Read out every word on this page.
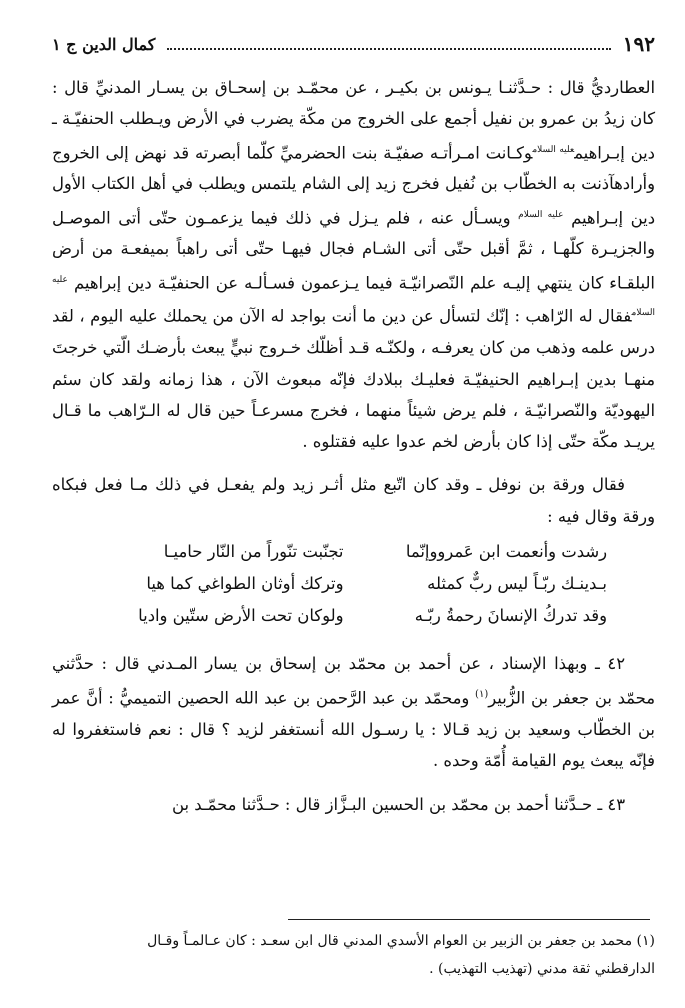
١٩٢
كمال الدين ج ١

العطارديُّ قال : حـدَّثنـا يـونس بن بكيـر ، عن محمّـد بن إسحـاق بن يسـار المدنيِّ قال : كان زيدُ بن عمرو بن نفيل أجمع على الخروج من مكّة يضرب في الأرض ويـطلب الحنفيّـة ـ دين إبـراهيم$^{عليه السلام}$وكـانت امـرأتـه صفيّـة بنت الحضرميِّ كلّما أبصرته قد نهض إلى الخروج وأرادهآذنت به الخطّاب بن نُفيل فخرج زيد إلى الشام يلتمس ويطلب في أهل الكتاب الأول دين إبـراهيم $^{عليه السلام}$ ويسـأل عنه ، فلم يـزل في ذلك فيما يزعمـون حتّى أتى الموصـل والجزيـرة كلّهـا ، ثمَّ أقبل حتّى أتى الشـام فجال فيهـا حتّى أتى راهباً بميفعـة من أرض البلقـاء كان ينتهي إليـه علم النّصرانيّـة فيما يـزعمون فسـألـه عن الحنفيّـة دين إبراهيم $^{عليه السلام}$فقال له الرّاهب : إنّك لتسأل عن دين ما أنت بواجد له الآن من يحملك عليه اليوم ، لقد درس علمه وذهب من كان يعرفـه ، ولكنّـه قـد أظلّك خـروج نبيٍّ يبعث بأرضـك الّتي خرجتَ منهـا بدين إبـراهيم الحنيفيّـة فعليـك ببلادك فإنّه مبعوث الآن ، هذا زمانه ولقد كان سئم اليهوديّة والنّصرانيّـة ، فلم يرض شيئاً منهما ، فخرج مسرعـاً حين قال له الـرّاهب ما قـال يريـد مكّة حتّى إذا كان بأرض لخم عدوا عليه فقتلوه .

فقال ورقة بن نوفل ـ وقد كان اتّبع مثل أثـر زيد ولم يفعـل في ذلك مـا فعل فبكاه ورقة وقال فيه :

رشدت وأنعمت ابن عَمرووإنّما
تجنّبت تنّوراً من النّار حاميـا
بـدينـك ربّـاً ليس ربٌّ كمثله
وتركك أوثان الطواغي كما هيا
وقد تدركُ الإنسانَ رحمةُ ربّـه
ولوكان تحت الأرض ستّين واديا

٤٢ ـ وبهذا الإسناد ، عن أحمد بن محمّد بن إسحاق بن يسار المـدني قال : حدَّثني محمّد بن جعفر بن الزُّبير$^{(١)}$ ومحمّد بن عبد الرَّحمن بن عبد الله الحصين التميميُّ : أنَّ عمر بن الخطّاب وسعيد بن زيد قـالا : يا رسـول الله أنستغفر لزيد ؟ قال : نعم فاستغفروا له فإنّه يبعث يوم القيامة أُمّة وحده .

٤٣ ـ حـدَّثنا أحمد بن محمّد بن الحسين البـزَّاز قال : حـدَّثنا محمّـد بن

(١) محمد بن جعفر بن الزبير بن العوام الأسدي المدني قال ابن سعـد : كان عـالمـاً وقـال

الدارقطني ثقة مدني (تهذيب التهذيب) .
